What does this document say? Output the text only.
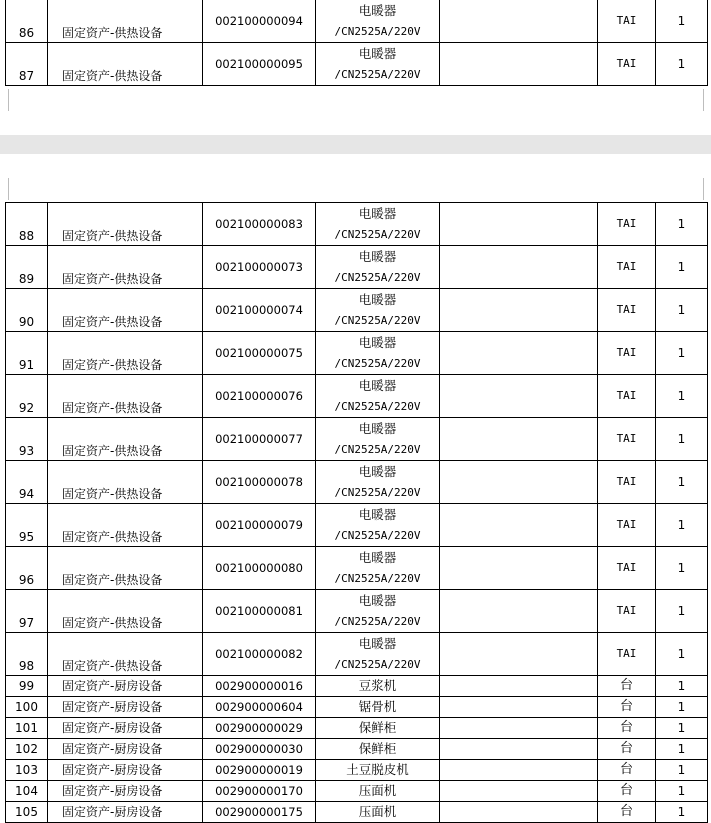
86	固定资产-供热设备	002100000094	电暖器
/CN2525A/220V		TAI	1
87	固定资产-供热设备	002100000095	电暖器
/CN2525A/220V		TAI	1
88	固定资产-供热设备	002100000083	电暖器
/CN2525A/220V		TAI	1
89	固定资产-供热设备	002100000073	电暖器
/CN2525A/220V		TAI	1
90	固定资产-供热设备	002100000074	电暖器
/CN2525A/220V		TAI	1
91	固定资产-供热设备	002100000075	电暖器
/CN2525A/220V		TAI	1
92	固定资产-供热设备	002100000076	电暖器
/CN2525A/220V		TAI	1
93	固定资产-供热设备	002100000077	电暖器
/CN2525A/220V		TAI	1
94	固定资产-供热设备	002100000078	电暖器
/CN2525A/220V		TAI	1
95	固定资产-供热设备	002100000079	电暖器
/CN2525A/220V		TAI	1
96	固定资产-供热设备	002100000080	电暖器
/CN2525A/220V		TAI	1
97	固定资产-供热设备	002100000081	电暖器
/CN2525A/220V		TAI	1
98	固定资产-供热设备	002100000082	电暖器
/CN2525A/220V		TAI	1
99	固定资产-厨房设备	002900000016	豆浆机		台	1
100	固定资产-厨房设备	002900000604	锯骨机		台	1
101	固定资产-厨房设备	002900000029	保鲜柜		台	1
102	固定资产-厨房设备	002900000030	保鲜柜		台	1
103	固定资产-厨房设备	002900000019	土豆脱皮机		台	1
104	固定资产-厨房设备	002900000170	压面机		台	1
105	固定资产-厨房设备	002900000175	压面机		台	1
